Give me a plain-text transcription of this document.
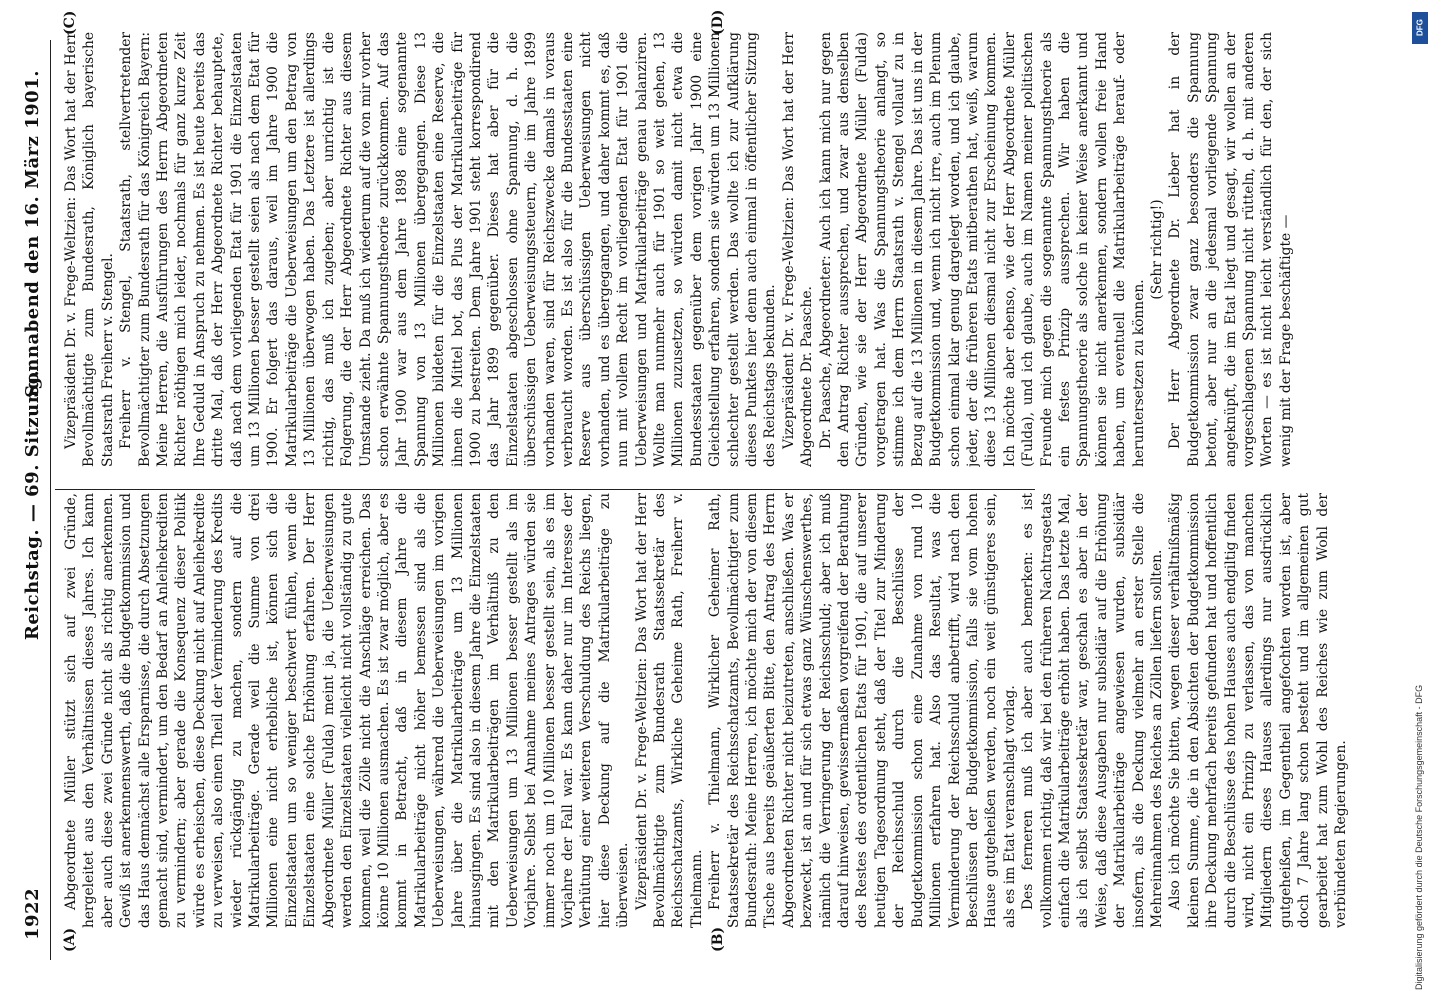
1922
Reichstag. — 69. Sitzung.
Sonnabend den 16. März 1901.
(A)	(B)
(C)	(D)

Abgeordnete Müller stützt sich auf zwei Gründe, hergeleitet aus den Verhältnissen dieses Jahres. Ich kann aber auch diese zwei Gründe nicht als richtig anerkennen. Gewiß ist anerkennenswerth, daß die Budgetkommission und das Haus demnächst alle Ersparnisse, die durch Absetzungen gemacht sind, vermindert, um den Bedarf an Anleihekrediten zu vermindern; aber gerade die Konsequenz dieser Politik würde es erheischen, diese Deckung nicht auf Anleihekredite zu verweisen, also einen Theil der Verminderung des Kredits wieder rückgängig zu machen, sondern auf die Matrikularbeiträge. Gerade weil die Summe von drei Millionen eine nicht erhebliche ist, können sich die Einzelstaaten um so weniger beschwert fühlen, wenn die Einzelstaaten eine solche Erhöhung erfahren. Der Herr Abgeordnete Müller (Fulda) meint ja, die Ueberweisungen werden den Einzelstaaten vielleicht nicht vollständig zu gute kommen, weil die Zölle nicht die Anschläge erreichen. Das könne 10 Millionen ausmachen. Es ist zwar möglich, aber es kommt in Betracht, daß in diesem Jahre die Matrikularbeiträge nicht höher bemessen sind als die Ueberweisungen, während die Ueberweisungen im vorigen Jahre über die Matrikularbeiträge um 13 Millionen hinausgingen. Es sind also in diesem Jahre die Einzelstaaten mit den Matrikularbeiträgen im Verhältniß zu den Ueberweisungen um 13 Millionen besser gestellt als im Vorjahre. Selbst bei Annahme meines Antrages würden sie immer noch um 10 Millionen besser gestellt sein, als es im Vorjahre der Fall war. Es kann daher nur im Interesse der Verhütung einer weiteren Verschuldung des Reichs liegen, hier diese Deckung auf die Matrikularbeiträge zu überweisen. Vizepräsident Dr. v. Frege-Weltzien: Das Wort hat der Herr Bevollmächtigte zum Bundesrath Staatssekretär des Reichsschatzamts, Wirkliche Geheime Rath, Freiherr v. Thielmann. Freiherr v. Thielmann, Wirklicher Geheimer Rath, Staatssekretär des Reichsschatzamts, Bevollmächtigter zum Bundesrath: Meine Herren, ich möchte mich der von diesem Tische aus bereits geäußerten Bitte, den Antrag des Herrn Abgeordneten Richter nicht beizutreten, anschließen. Was er bezweckt, ist an und für sich etwas ganz Wünschenswerthes, nämlich die Verringerung der Reichsschuld; aber ich muß darauf hinweisen, gewissermaßen vorgreifend der Berathung des Restes des ordentlichen Etats für 1901, die auf unserer heutigen Tagesordnung steht, daß der Titel zur Minderung der Reichsschuld durch die Beschlüsse der Budgetkommission schon eine Zunahme von rund 10 Millionen erfahren hat. Also das Resultat, was die Verminderung der Reichsschuld anbetrifft, wird nach den Beschlüssen der Budgetkommission, falls sie vom hohen Hause gutgeheißen werden, noch ein weit günstigeres sein, als es im Etat veranschlagt vorlag. Des ferneren muß ich aber auch bemerken: es ist vollkommen richtig, daß wir bei den früheren Nachtragsetats einfach die Matrikularbeiträge erhöht haben. Das letzte Mal, als ich selbst Staatssekretär war, geschah es aber in der Weise, daß diese Ausgaben nur subsidiär auf die Erhöhung der Matrikularbeiträge angewiesen wurden, subsidiär insofern, als die Deckung vielmehr an erster Stelle die Mehreinnahmen des Reiches an Zöllen liefern sollten. Also ich möchte Sie bitten, wegen dieser verhältnißmäßig kleinen Summe, die in den Absichten der Budgetkommission ihre Deckung mehrfach bereits gefunden hat und hoffentlich durch die Beschlüsse des hohen Hauses auch endgiltig finden wird, nicht ein Prinzip zu verlassen, das von manchen Mitgliedern dieses Hauses allerdings nur ausdrücklich gutgeheißen, im Gegentheil angefochten worden ist, aber doch 7 Jahre lang schon besteht und im allgemeinen gut gearbeitet hat zum Wohl des Reiches wie zum Wohl der verbündeten Regierungen.

Vizepräsident Dr. v. Frege-Weltzien: Das Wort hat der Herr Bevollmächtigte zum Bundesrath, Königlich bayerische Staatsrath Freiherr v. Stengel. Freiherr v. Stengel, Staatsrath, stellvertretender Bevollmächtigter zum Bundesrath für das Königreich Bayern: Meine Herren, die Ausführungen des Herrn Abgeordneten Richter nöthigen mich leider, nochmals für ganz kurze Zeit Ihre Geduld in Anspruch zu nehmen. Es ist heute bereits das dritte Mal, daß der Herr Abgeordnete Richter behauptete, daß nach dem vorliegenden Etat für 1901 die Einzelstaaten um 13 Millionen besser gestellt seien als nach dem Etat für 1900. Er folgert das daraus, weil im Jahre 1900 die Matrikularbeiträge die Ueberweisungen um den Betrag von 13 Millionen überwogen haben. Das Letztere ist allerdings richtig, das muß ich zugeben; aber unrichtig ist die Folgerung, die der Herr Abgeordnete Richter aus diesem Umstande zieht. Da muß ich wiederum auf die von mir vorher schon erwähnte Spannungstheorie zurückkommen. Auf das Jahr 1900 war aus dem Jahre 1898 eine sogenannte Spannung von 13 Millionen übergegangen. Diese 13 Millionen bildeten für die Einzelstaaten eine Reserve, die ihnen die Mittel bot, das Plus der Matrikularbeiträge für 1900 zu bestreiten. Dem Jahre 1901 steht korrespondirend das Jahr 1899 gegenüber. Dieses hat aber für die Einzelstaaten abgeschlossen ohne Spannung, d. h. die überschüssigen Ueberweisungssteuern, die im Jahre 1899 vorhanden waren, sind für Reichszwecke damals in voraus verbraucht worden. Es ist also für die Bundesstaaten eine Reserve aus überschüssigen Ueberweisungen nicht vorhanden, und es übergegangen, und daher kommt es, daß nun mit vollem Recht im vorliegenden Etat für 1901 die Ueberweisungen und Matrikularbeiträge genau balanziren. Wollte man nunmehr auch für 1901 so weit gehen, 13 Millionen zuzusetzen, so würden damit nicht etwa die Bundesstaaten gegenüber dem vorigen Jahr 1900 eine Gleichstellung erfahren, sondern sie würden um 13 Millionen schlechter gestellt werden. Das wollte ich zur Aufklärung dieses Punktes hier denn auch einmal in öffentlicher Sitzung des Reichstags bekunden. Vizepräsident Dr. v. Frege-Weltzien: Das Wort hat der Herr Abgeordnete Dr. Paasche. Dr. Paasche, Abgeordneter: Auch ich kann mich nur gegen den Antrag Richter aussprechen, und zwar aus denselben Gründen, wie sie der Herr Abgeordnete Müller (Fulda) vorgetragen hat. Was die Spannungstheorie anlangt, so stimme ich dem Herrn Staatsrath v. Stengel vollauf zu in Bezug auf die 13 Millionen in diesem Jahre. Das ist uns in der Budgetkommission und, wenn ich nicht irre, auch im Plenum schon einmal klar genug dargelegt worden, und ich glaube, jeder, der die früheren Etats mitberathen hat, weiß, warum diese 13 Millionen diesmal nicht zur Erscheinung kommen. Ich möchte aber ebenso, wie der Herr Abgeordnete Müller (Fulda), und ich glaube, auch im Namen meiner politischen Freunde mich gegen die sogenannte Spannungstheorie als ein festes Prinzip aussprechen. Wir haben die Spannungstheorie als solche in keiner Weise anerkannt und können sie nicht anerkennen, sondern wollen freie Hand haben, um eventuell die Matrikularbeiträge herauf- oder heruntersetzen zu können.

(Sehr richtig!) Der Herr Abgeordnete Dr. Lieber hat in der Budgetkommission zwar ganz besonders die Spannung betont, aber nur an die jedesmal vorliegende Spannung angeknüpft, die im Etat liegt und gesagt, wir wollen an der vorgeschlagenen Spannung nicht rütteln, d. h. mit anderen Worten — es ist nicht leicht verständlich für den, der sich wenig mit der Frage beschäftigte —

Digitalisierung gefördert durch die Deutsche Forschungsgemeinschaft - DFG
DFG
